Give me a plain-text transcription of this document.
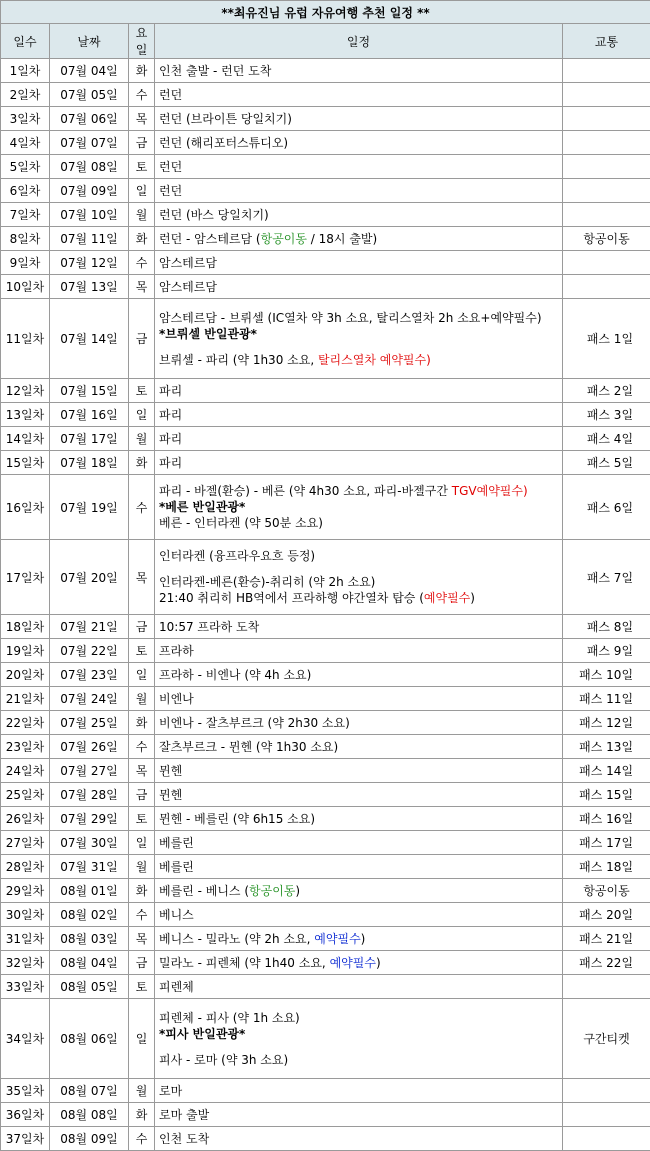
**최유진님 유럽 자유여행 추천 일정 **				
일수	날짜	요일	일정	교통
1일차	07월 04일	화	인천 출발 - 런던 도착	

2일차	07월 05일	수	런던	

3일차	07월 06일	목	런던 (브라이튼 당일치기)	

4일차	07월 07일	금	런던 (해리포터스튜디오)	

5일차	07월 08일	토	런던	

6일차	07월 09일	일	런던	

7일차	07월 10일	월	런던 (바스 당일치기)	

8일차	07월 11일	화	런던 - 암스테르담 (항공이동 / 18시 출발)	항공이동
9일차	07월 12일	수	암스테르담	

10일차	07월 13일	목	암스테르담	

11일차	07월 14일	금	암스테르담 - 브뤼셀 (IC열차 약 3h 소요, 탈리스열차 2h 소요+예약필수)
*브뤼셀 반일관광*
브뤼셀 - 파리 (약 1h30 소요, 탈리스열차 예약필수)	패스 1일
12일차	07월 15일	토	파리	패스 2일
13일차	07월 16일	일	파리	패스 3일
14일차	07월 17일	월	파리	패스 4일
15일차	07월 18일	화	파리	패스 5일
16일차	07월 19일	수	파리 - 바젤(환승) - 베른 (약 4h30 소요, 파리-바젤구간 TGV예약필수)
*베른 반일관광*
베른 - 인터라켄 (약 50분 소요)	패스 6일
17일차	07월 20일	목	인터라켄 (융프라우요흐 등정)
인터라켄-베른(환승)-취리히 (약 2h 소요)
21:40 취리히 HB역에서 프라하행 야간열차 탑승 (예약필수)	패스 7일
18일차	07월 21일	금	10:57 프라하 도착	패스 8일
19일차	07월 22일	토	프라하	패스 9일
20일차	07월 23일	일	프라하 - 비엔나 (약 4h 소요)	패스 10일
21일차	07월 24일	월	비엔나	패스 11일
22일차	07월 25일	화	비엔나 - 잘츠부르크 (약 2h30 소요)	패스 12일
23일차	07월 26일	수	잘츠부르크 - 뮌헨 (약 1h30 소요)	패스 13일
24일차	07월 27일	목	뮌헨	패스 14일
25일차	07월 28일	금	뮌헨	패스 15일
26일차	07월 29일	토	뮌헨 - 베를린 (약 6h15 소요)	패스 16일
27일차	07월 30일	일	베를린	패스 17일
28일차	07월 31일	월	베를린	패스 18일
29일차	08월 01일	화	베를린 - 베니스 (항공이동)	항공이동
30일차	08월 02일	수	베니스	패스 20일
31일차	08월 03일	목	베니스 - 밀라노 (약 2h 소요, 예약필수)	패스 21일
32일차	08월 04일	금	밀라노 - 피렌체 (약 1h40 소요, 예약필수)	패스 22일
33일차	08월 05일	토	피렌체	

34일차	08월 06일	일	피렌체 - 피사 (약 1h 소요)
*피사 반일관광*
피사 - 로마 (약 3h 소요)	구간티켓
35일차	08월 07일	월	로마	

36일차	08월 08일	화	로마 출발	

37일차	08월 09일	수	인천 도착	
